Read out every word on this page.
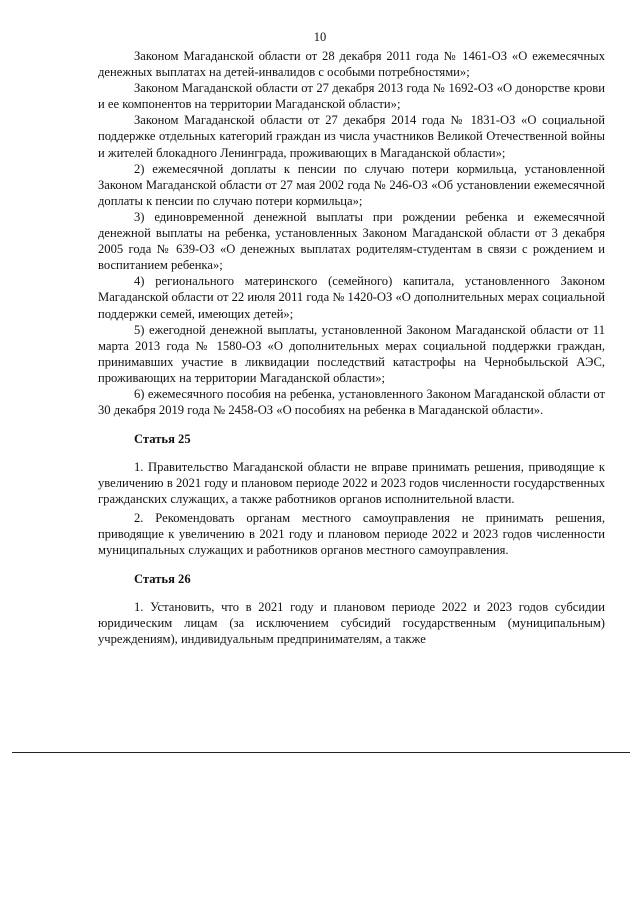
10

Законом Магаданской области от 28 декабря 2011 года № 1461-ОЗ «О ежемесячных денежных выплатах на детей-инвалидов с особыми потребностями»;

Законом Магаданской области от 27 декабря 2013 года № 1692-ОЗ «О донорстве крови и ее компонентов на территории Магаданской области»;

Законом Магаданской области от 27 декабря 2014 года № 1831-ОЗ «О социальной поддержке отдельных категорий граждан из числа участников Великой Отечественной войны и жителей блокадного Ленинграда, проживающих в Магаданской области»;

2) ежемесячной доплаты к пенсии по случаю потери кормильца, установленной Законом Магаданской области от 27 мая 2002 года № 246-ОЗ «Об установлении ежемесячной доплаты к пенсии по случаю потери кормильца»;

3) единовременной денежной выплаты при рождении ребенка и ежемесячной денежной выплаты на ребенка, установленных Законом Магаданской области от 3 декабря 2005 года № 639-ОЗ «О денежных выплатах родителям-студентам в связи с рождением и воспитанием ребенка»;

4) регионального материнского (семейного) капитала, установленного Законом Магаданской области от 22 июля 2011 года № 1420-ОЗ «О дополнительных мерах социальной поддержки семей, имеющих детей»;

5) ежегодной денежной выплаты, установленной Законом Магаданской области от 11 марта 2013 года № 1580-ОЗ «О дополнительных мерах социальной поддержки граждан, принимавших участие в ликвидации последствий катастрофы на Чернобыльской АЭС, проживающих на территории Магаданской области»;

6) ежемесячного пособия на ребенка, установленного Законом Магаданской области от 30 декабря 2019 года № 2458-ОЗ «О пособиях на ребенка в Магаданской области».

Статья 25

1. Правительство Магаданской области не вправе принимать решения, приводящие к увеличению в 2021 году и плановом периоде 2022 и 2023 годов численности государственных гражданских служащих, а также работников органов исполнительной власти.

2. Рекомендовать органам местного самоуправления не принимать решения, приводящие к увеличению в 2021 году и плановом периоде 2022 и 2023 годов численности муниципальных служащих и работников органов местного самоуправления.

Статья 26

1. Установить, что в 2021 году и плановом периоде 2022 и 2023 годов субсидии юридическим лицам (за исключением субсидий государственным (муниципальным) учреждениям), индивидуальным предпринимателям, а также
